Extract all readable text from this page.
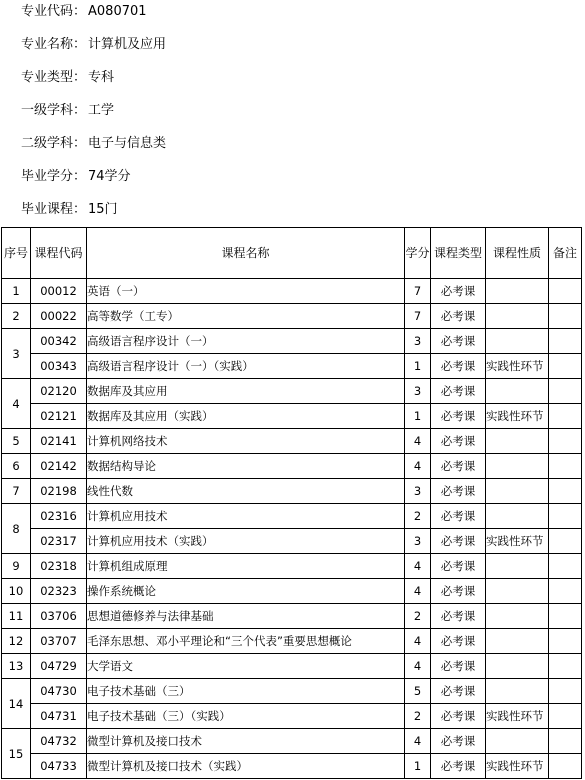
专业代码： A080701
专业名称： 计算机及应用
专业类型： 专科
一级学科： 工学
二级学科： 电子与信息类
毕业学分： 74学分
毕业课程： 15门
序号	课程代码	课程名称	学分	课程类型	课程性质	备注
1	00012	英语（一）	7	必考课		
2	00022	高等数学（工专）	7	必考课		
3	00342	高级语言程序设计（一）	3	必考课		
	00343	高级语言程序设计（一）（实践）	1	必考课	实践性环节	
4	02120	数据库及其应用	3	必考课		
	02121	数据库及其应用（实践）	1	必考课	实践性环节	
5	02141	计算机网络技术	4	必考课		
6	02142	数据结构导论	4	必考课		
7	02198	线性代数	3	必考课		
8	02316	计算机应用技术	2	必考课		
	02317	计算机应用技术（实践）	3	必考课	实践性环节	
9	02318	计算机组成原理	4	必考课		
10	02323	操作系统概论	4	必考课		
11	03706	思想道德修养与法律基础	2	必考课		
12	03707	毛泽东思想、邓小平理论和“三个代表”重要思想概论	4	必考课		
13	04729	大学语文	4	必考课		
14	04730	电子技术基础（三）	5	必考课		
	04731	电子技术基础（三）（实践）	2	必考课	实践性环节	
15	04732	微型计算机及接口技术	4	必考课		
	04733	微型计算机及接口技术（实践）	1	必考课	实践性环节	
